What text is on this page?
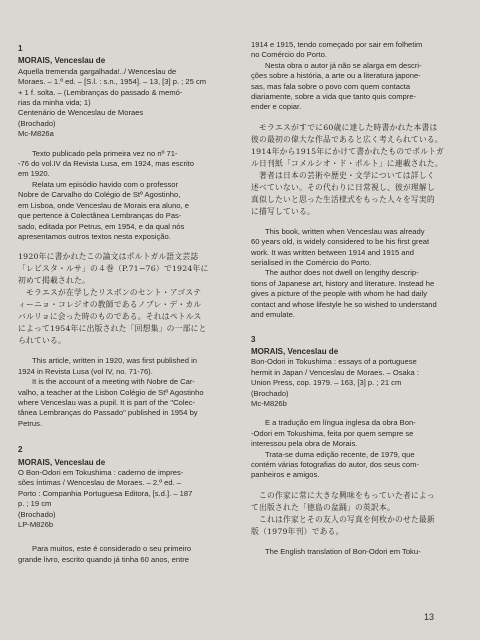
1
MORAIS, Venceslau de
Aquella tremenda gargalhada!../ Wenceslau de
Moraes. – 1.º ed. – [S.l. : s.n., 1954]. – 13, [3] p. ; 25 cm
+ 1 f. solta. – (Lembranças do passado & memó-
rias da minha vida; 1)
Centenário de Wenceslau de Moraes
(Brochado)
Mc-M826a
Texto publicado pela primeira vez no nº 71-
-76 do vol.IV da Revista Lusa, em 1924, mas escrito
em 1920.
Relata um episódio havido com o professor
Nobre de Carvalho do Colégio de Stº Agostinho,
em Lisboa, onde Venceslau de Morais era aluno, e
que pertence à Colectânea Lembranças do Pas-
sado, editada por Petrus, em 1954, e da qual nós
apresentamos outros textos nesta exposição.
1920年に書かれたこの論文はポルトガル語文芸誌
「レビスタ・ルサ」の４巻（P.71−76）で1924年に
初めて掲載された。
　モラエスが在学したリスボンのセント・アゴステ
ィーニョ・コレジオの教師であるノブレ・デ・カル
バルリョに会った時のものである。それはペトルス
によって1954年に出版された「回想集」の一部にと
られている。
This article, written in 1920, was first published in
1924 in Revista Lusa (vol IV, no. 71-76).
It is the account of a meeting with Nobre de Car-
valho, a teacher at the Lisbon Colégio de Stº Agostinho
where Venceslau was a pupil. It is part of the "Colec-
tânea Lembranças do Passado" published in 1954 by
Petrus.
2
MORAIS, Venceslau de
O Bon-Odori em Tokushima : caderno de impres-
sões íntimas / Wenceslau de Moraes. – 2.º ed. –
Porto : Companhia Portuguesa Editora, [s.d.]. – 187
p. ; 19 cm
(Brochado)
LP-M826b
Para muitos, este é considerado o seu primeiro
grande livro, escrito quando já tinha 60 anos, entre
1914 e 1915, tendo começado por sair em folhetim
no Comércio do Porto.
Nesta obra o autor já não se alarga em descri-
ções sobre a história, a arte ou a literatura japone-
sas, mas fala sobre o povo com quem contacta
diariamente, sobre a vida que tanto quis compre-
ender e copiar.
　モラエスがすでに60歳に達した時書かれた本書は
彼の最初の偉大な作品であると広く考えられている。
1914年から1915年にかけて書かれたものでポルトガ
ル日刊紙「コメルシオ・ド・ポルト」に連載された。
　著者は日本の芸術や歴史・文学については詳しく
述べていない。その代わりに日常視し、彼が理解し
真似したいと思った生活様式をもった人々を写実的
に描写している。
This book, written when Venceslau was already
60 years old, is widely considered to be his first great
work. It was written between 1914 and 1915 and
serialised in the Comércio do Porto.
The author does not dwell on lengthy descrip-
tions of Japanese art, history and literature. Instead he
gives a picture of the people with whom he had daily
contact and whose lifestyle he so wished to understand
and emulate.
3
MORAIS, Venceslau de
Bon-Odori in Tokushima : essays of a portuguese
hermit in Japan / Venceslau de Moraes. – Osaka :
Union Press, cop. 1979. – 163, [3] p. ; 21 cm
(Brochado)
Mc-M826b
E a tradução em língua inglesa da obra Bon-
-Odori em Tokushima, feita por quem sempre se
interessou pela obra de Morais.
Trata-se duma edição recente, de 1979, que
contém várias fotografias do autor, dos seus com-
panheiros e amigos.
　この作家に常に大きな興味をもっていた者によっ
て出版された「徳島の盆踊」の英訳本。
　これは作家とその友人の写真を何枚かのせた最新
版（1979年刊）である。
The English translation of Bon-Odori em Toku-
13
